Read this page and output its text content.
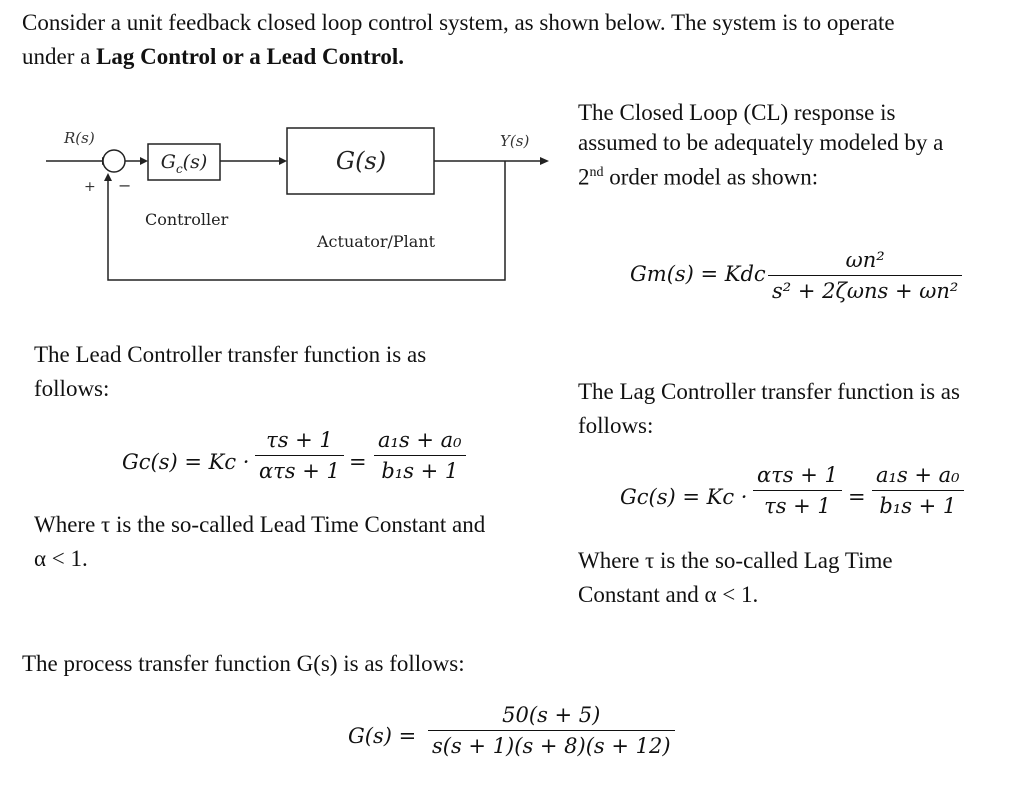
Consider a unit feedback closed loop control system, as shown below. The system is to operate
under a Lag Control or a Lead Control.
$G_c(s)$	G(s)
R(s)	Y(s)
+ −
Controller
Actuator/Plant
The Closed Loop (CL) response is
assumed to be adequately modeled by a
2nd order model as shown:
Gm(s) = Kdc
ωn²
s² + 2ζωns + ωn²
The Lead Controller transfer function is as
follows:
Gc(s) = Kc ·
τs + 1
ατs + 1 =
a₁s + a₀
b₁s + 1
Where τ is the so-called Lead Time Constant and
α < 1.
The Lag Controller transfer function is as
follows:
Gc(s) = Kc ·
ατs + 1
τs + 1 =
a₁s + a₀
b₁s + 1
Where τ is the so-called Lag Time
Constant and α < 1.
The process transfer function G(s) is as follows:
G(s) =
50(s + 5)
s(s + 1)(s + 8)(s + 12)
